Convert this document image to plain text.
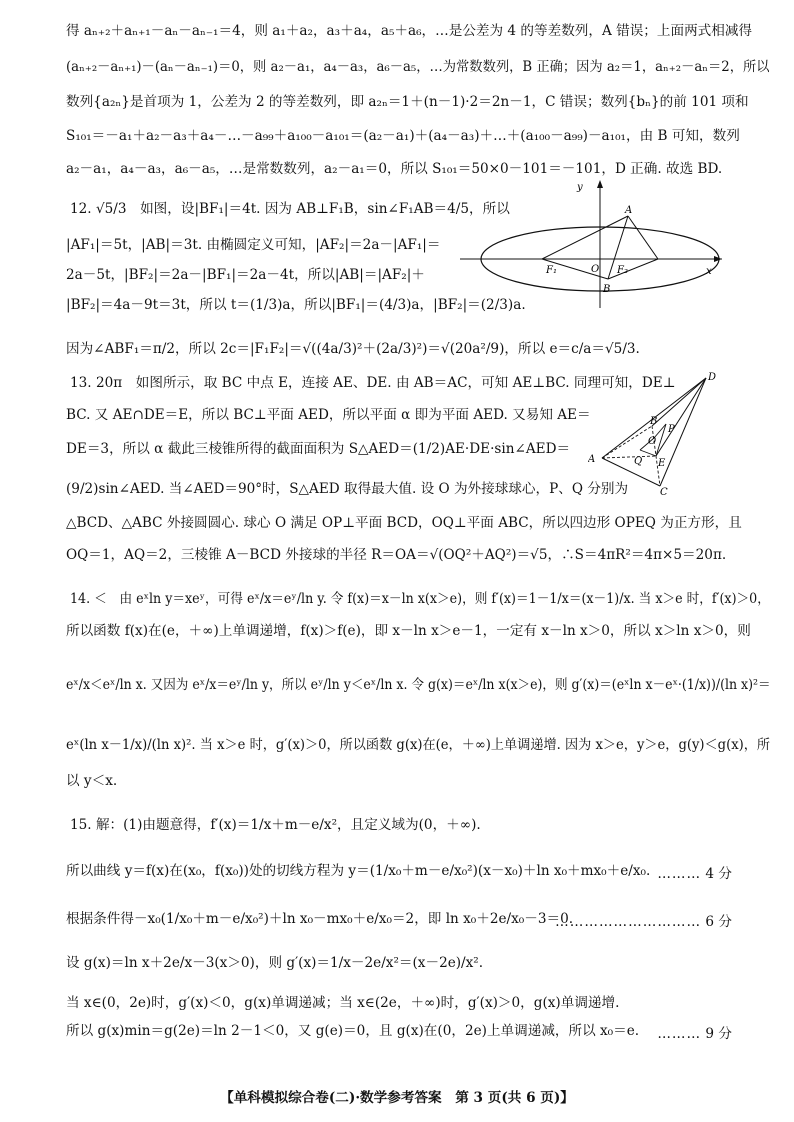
得 aₙ₊₂＋aₙ₊₁－aₙ－aₙ₋₁＝4，则 a₁＋a₂，a₃＋a₄，a₅＋a₆，…是公差为 4 的等差数列，A 错误；上面两式相减得
(aₙ₊₂－aₙ₊₁)－(aₙ－aₙ₋₁)＝0，则 a₂－a₁，a₄－a₃，a₆－a₅，…为常数数列，B 正确；因为 a₂＝1，aₙ₊₂－aₙ＝2，所以
数列{a₂ₙ}是首项为 1，公差为 2 的等差数列，即 a₂ₙ＝1＋(n－1)·2＝2n－1，C 错误；数列{bₙ}的前 101 项和
S₁₀₁＝－a₁＋a₂－a₃＋a₄－…－a₉₉＋a₁₀₀－a₁₀₁＝(a₂－a₁)＋(a₄－a₃)＋…＋(a₁₀₀－a₉₉)－a₁₀₁，由 B 可知，数列
a₂－a₁，a₄－a₃，a₆－a₅，…是常数数列，a₂－a₁＝0，所以 S₁₀₁＝50×0－101＝－101，D 正确. 故选 BD.
12. √5/3　如图，设|BF₁|＝4t. 因为 AB⊥F₁B，sin∠F₁AB＝4/5，所以
|AF₁|＝5t，|AB|＝3t. 由椭圆定义可知，|AF₂|＝2a－|AF₁|＝
2a－5t，|BF₂|＝2a－|BF₁|＝2a－4t，所以|AB|＝|AF₂|＋
|BF₂|＝4a－9t＝3t，所以 t＝(1/3)a，所以|BF₁|＝(4/3)a，|BF₂|＝(2/3)a.
因为∠ABF₁＝π/2，所以 2c＝|F₁F₂|＝√((4a/3)²＋(2a/3)²)＝√(20a²/9)，所以 e＝c/a＝√5/3.
y
x
A
B
O
F₁	F₂
13. 20π　如图所示，取 BC 中点 E，连接 AE、DE. 由 AB＝AC，可知 AE⊥BC. 同理可知，DE⊥
BC. 又 AE∩DE＝E，所以 BC⊥平面 AED，所以平面 α 即为平面 AED. 又易知 AE＝
DE＝3，所以 α 截此三棱锥所得的截面面积为 S△AED＝(1/2)AE·DE·sin∠AED＝
(9/2)sin∠AED. 当∠AED＝90°时，S△AED 取得最大值. 设 O 为外接球球心，P、Q 分别为
△BCD、△ABC 外接圆圆心. 球心 O 满足 OP⊥平面 BCD，OQ⊥平面 ABC，所以四边形 OPEQ 为正方形，且
OQ＝1，AQ＝2，三棱锥 A－BCD 外接球的半径 R＝OA＝√(OQ²＋AQ²)＝√5，∴S＝4πR²＝4π×5＝20π.
A
B
C
D
E
O
P
Q
14. ＜　由 eˣln y＝xeʸ，可得 eˣ/x＝eʸ/ln y. 令 f(x)＝x－ln x(x＞e)，则 f′(x)＝1－1/x＝(x－1)/x. 当 x＞e 时，f′(x)＞0，
所以函数 f(x)在(e，＋∞)上单调递增，f(x)＞f(e)，即 x－ln x＞e－1，一定有 x－ln x＞0，所以 x＞ln x＞0，则
eˣ/x＜eˣ/ln x. 又因为 eˣ/x＝eʸ/ln y，所以 eʸ/ln y＜eˣ/ln x. 令 g(x)＝eˣ/ln x(x＞e)，则 g′(x)＝(eˣln x－eˣ·(1/x))/(ln x)²＝
eˣ(ln x－1/x)/(ln x)². 当 x＞e 时，g′(x)＞0，所以函数 g(x)在(e，＋∞)上单调递增. 因为 x＞e，y＞e，g(y)＜g(x)，所
以 y＜x.
15. 解：(1)由题意得，f′(x)＝1/x＋m－e/x²，且定义域为(0，＋∞).
所以曲线 y＝f(x)在(x₀，f(x₀))处的切线方程为 y＝(1/x₀＋m－e/x₀²)(x－x₀)＋ln x₀＋mx₀＋e/x₀.
根据条件得－x₀(1/x₀＋m－e/x₀²)＋ln x₀－mx₀＋e/x₀＝2，即 ln x₀＋2e/x₀－3＝0.
设 g(x)＝ln x＋2e/x－3(x＞0)，则 g′(x)＝1/x－2e/x²＝(x－2e)/x².
当 x∈(0，2e)时，g′(x)＜0，g(x)单调递减；当 x∈(2e，＋∞)时，g′(x)＞0，g(x)单调递增.
所以 g(x)min＝g(2e)＝ln 2－1＜0，又 g(e)＝0，且 g(x)在(0，2e)上单调递减，所以 x₀＝e.
……… 4 分
………………………… 6 分
……… 9 分
【单科模拟综合卷(二)·数学参考答案　第 3 页(共 6 页)】
